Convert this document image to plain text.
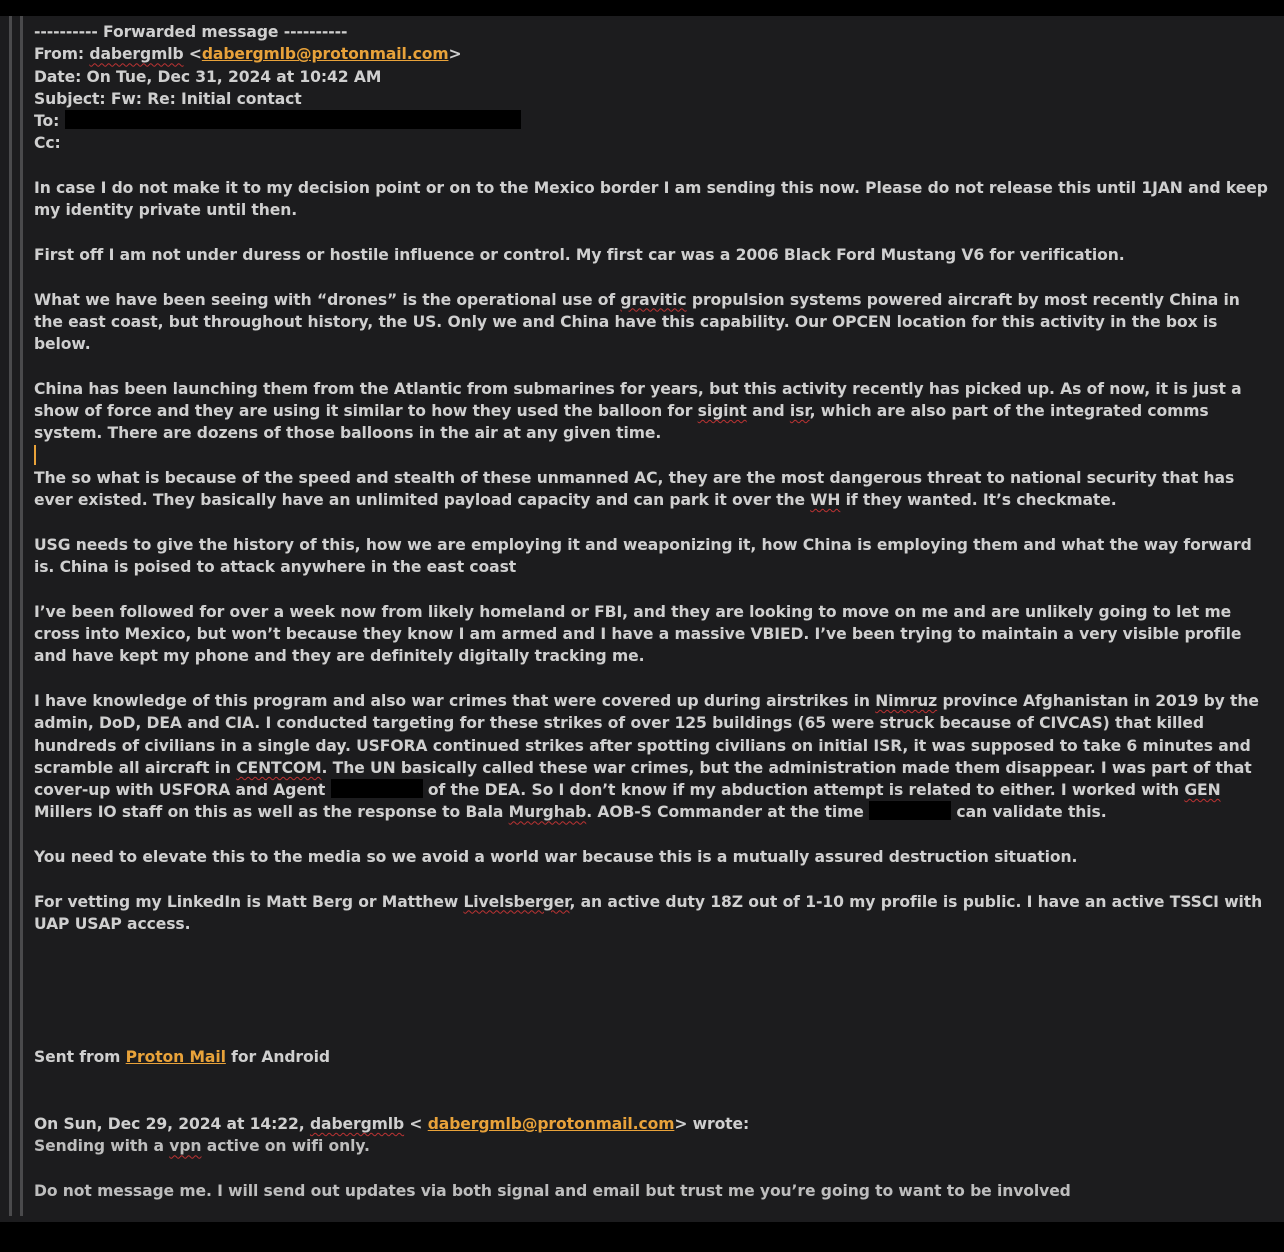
---------- Forwarded message ----------
From: dabergmlb <dabergmlb@protonmail.com>
Date: On Tue, Dec 31, 2024 at 10:42 AM
Subject: Fw: Re: Initial contact
To:
Cc:
In case I do not make it to my decision point or on to the Mexico border I am sending this now. Please do not release this until 1JAN and keep my identity private until then.
First off I am not under duress or hostile influence or control. My first car was a 2006 Black Ford Mustang V6 for verification.
What we have been seeing with “drones” is the operational use of gravitic propulsion systems powered aircraft by most recently China in the east coast, but throughout history, the US. Only we and China have this capability. Our OPCEN location for this activity in the box is below.
China has been launching them from the Atlantic from submarines for years, but this activity recently has picked up. As of now, it is just a show of force and they are using it similar to how they used the balloon for sigint and isr, which are also part of the integrated comms system. There are dozens of those balloons in the air at any given time.
The so what is because of the speed and stealth of these unmanned AC, they are the most dangerous threat to national security that has ever existed. They basically have an unlimited payload capacity and can park it over the WH if they wanted. It’s checkmate.
USG needs to give the history of this, how we are employing it and weaponizing it, how China is employing them and what the way forward is. China is poised to attack anywhere in the east coast
I’ve been followed for over a week now from likely homeland or FBI, and they are looking to move on me and are unlikely going to let me cross into Mexico, but won’t because they know I am armed and I have a massive VBIED. I’ve been trying to maintain a very visible profile and have kept my phone and they are definitely digitally tracking me.
I have knowledge of this program and also war crimes that were covered up during airstrikes in Nimruz province Afghanistan in 2019 by the admin, DoD, DEA and CIA. I conducted targeting for these strikes of over 125 buildings (65 were struck because of CIVCAS) that killed hundreds of civilians in a single day. USFORA continued strikes after spotting civilians on initial ISR, it was supposed to take 6 minutes and scramble all aircraft in CENTCOM. The UN basically called these war crimes, but the administration made them disappear. I was part of that cover-up with USFORA and Agent	of the DEA. So I don’t know if my abduction attempt is related to either. I worked with GEN Millers IO staff on this as well as the response to Bala Murghab. AOB-S Commander at the time	can validate this.
You need to elevate this to the media so we avoid a world war because this is a mutually assured destruction situation.
For vetting my LinkedIn is Matt Berg or Matthew Livelsberger, an active duty 18Z out of 1-10 my profile is public. I have an active TSSCI with UAP USAP access.
Sent from Proton Mail for Android
On Sun, Dec 29, 2024 at 14:22, dabergmlb < dabergmlb@protonmail.com> wrote:
Sending with a vpn active on wifi only.
Do not message me. I will send out updates via both signal and email but trust me you’re going to want to be involved
